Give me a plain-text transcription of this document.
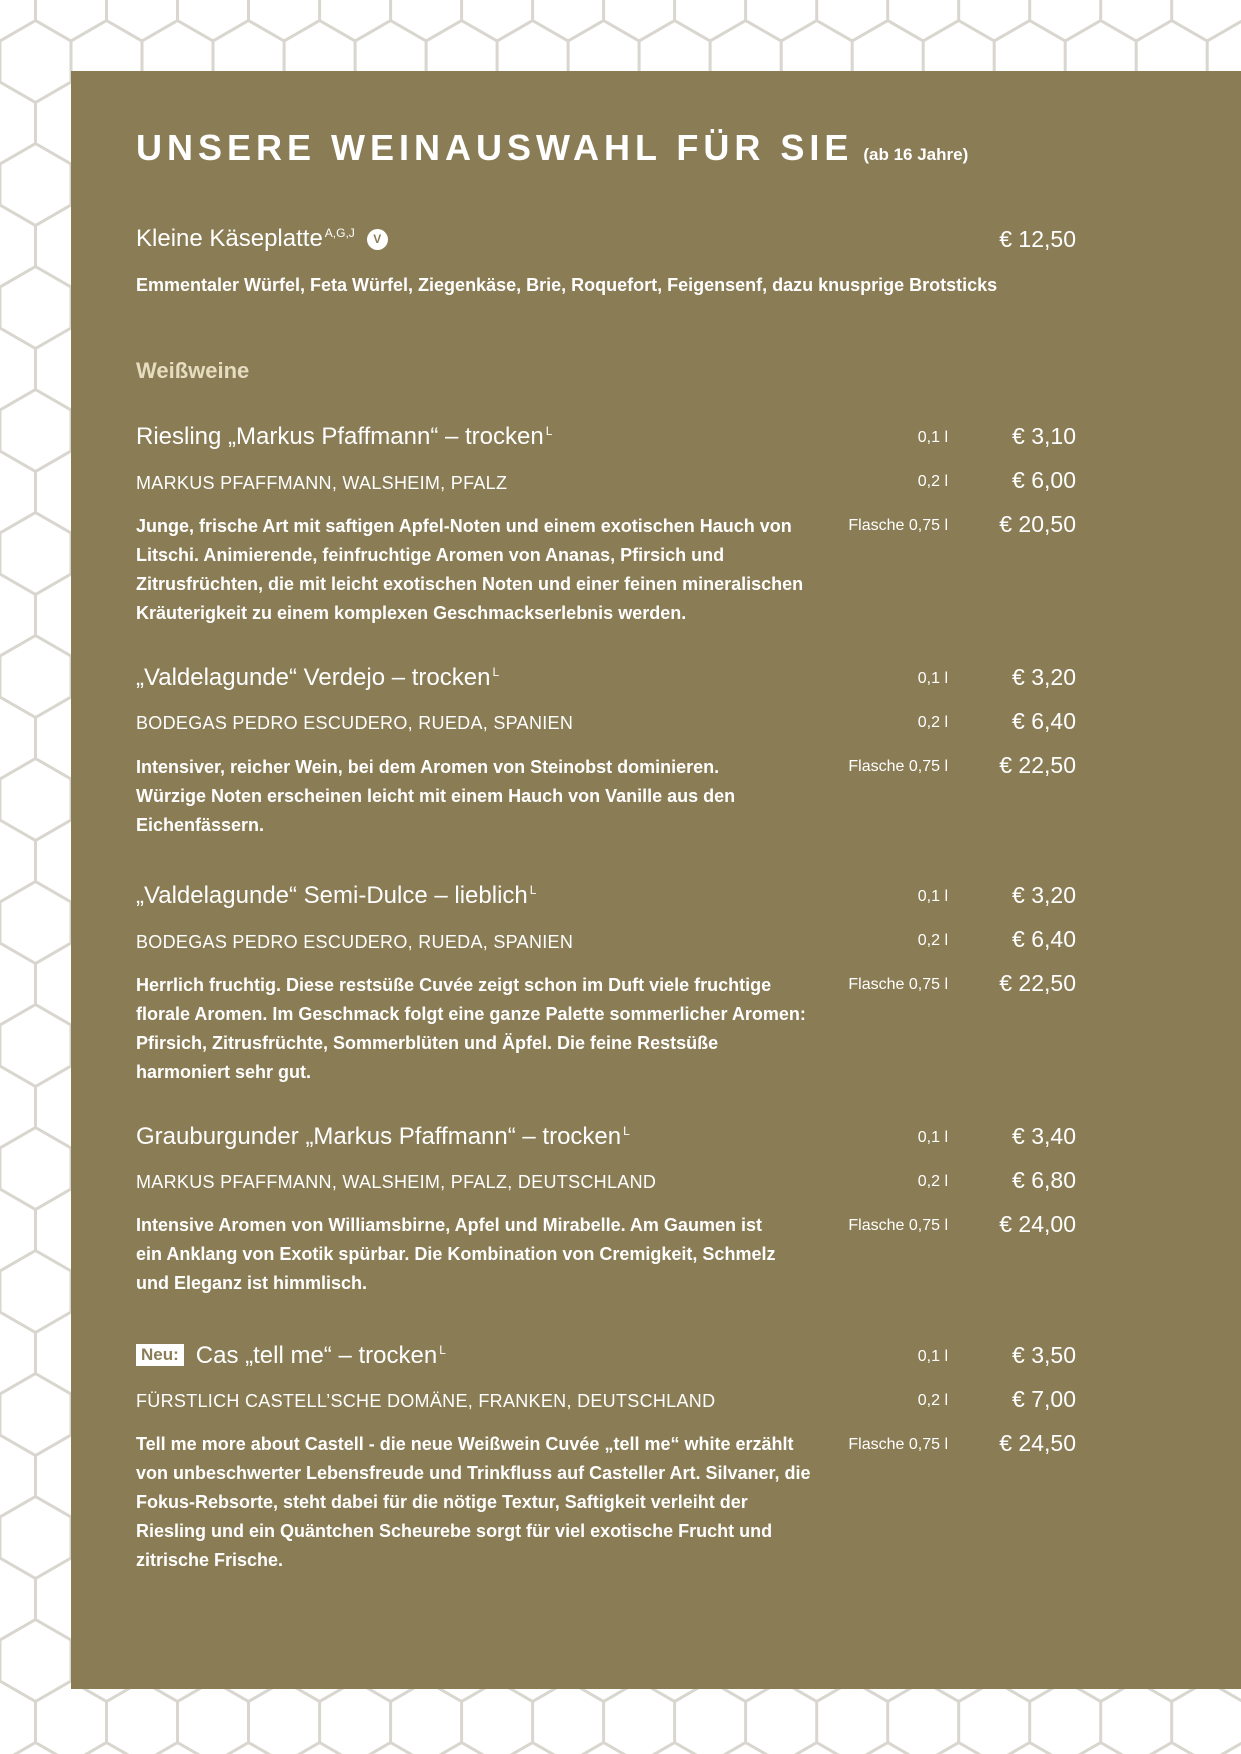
UNSERE WEINAUSWAHL FÜR SIE (ab 16 Jahre)
Kleine Käseplatte $^{A,G,J}$ V	€ 12,50
Emmentaler Würfel, Feta Würfel, Ziegenkäse, Brie, Roquefort, Feigensenf, dazu knusprige Brotsticks
Weißweine
Riesling „Markus Pfaffmann“ – trocken $^L$
MARKUS PFAFFMANN, WALSHEIM, PFALZ
Junge, frische Art mit saftigen Apfel-Noten und einem exotischen Hauch von Litschi. Animierende, feinfruchtige Aromen von Ananas, Pfirsich und Zitrusfrüchten, die mit leicht exotischen Noten und einer feinen mineralischen Kräuterigkeit zu einem komplexen Geschmackserlebnis werden.
0,1 l
0,2 l
Flasche 0,75 l
€ 3,10
€ 6,00
€ 20,50
„Valdelagunde“ Verdejo – trocken $^L$
BODEGAS PEDRO ESCUDERO, RUEDA, SPANIEN
Intensiver, reicher Wein, bei dem Aromen von Steinobst dominieren. Würzige Noten erscheinen leicht mit einem Hauch von Vanille aus den Eichenfässern.
0,1 l
0,2 l
Flasche 0,75 l
€ 3,20
€ 6,40
€ 22,50
„Valdelagunde“ Semi-Dulce – lieblich $^L$
BODEGAS PEDRO ESCUDERO, RUEDA, SPANIEN
Herrlich fruchtig. Diese restsüße Cuvée zeigt schon im Duft viele fruchtige florale Aromen. Im Geschmack folgt eine ganze Palette sommerlicher Aromen: Pfirsich, Zitrusfrüchte, Sommerblüten und Äpfel. Die feine Restsüße harmoniert sehr gut.
0,1 l
0,2 l
Flasche 0,75 l
€ 3,20
€ 6,40
€ 22,50
Grauburgunder „Markus Pfaffmann“ – trocken $^L$
MARKUS PFAFFMANN, WALSHEIM, PFALZ, DEUTSCHLAND
Intensive Aromen von Williamsbirne, Apfel und Mirabelle. Am Gaumen ist ein Anklang von Exotik spürbar. Die Kombination von Cremigkeit, Schmelz und Eleganz ist himmlisch.
0,1 l
0,2 l
Flasche 0,75 l
€ 3,40
€ 6,80
€ 24,00
Neu: Cas „tell me“ – trocken $^L$
FÜRSTLICH CASTELL’SCHE DOMÄNE, FRANKEN, DEUTSCHLAND
Tell me more about Castell - die neue Weißwein Cuvée „tell me“ white erzählt von unbeschwerter Lebensfreude und Trinkfluss auf Casteller Art. Silvaner, die Fokus-Rebsorte, steht dabei für die nötige Textur, Saftigkeit verleiht der Riesling und ein Quäntchen Scheurebe sorgt für viel exotische Frucht und zitrische Frische.
0,1 l
0,2 l
Flasche 0,75 l
€ 3,50
€ 7,00
€ 24,50
